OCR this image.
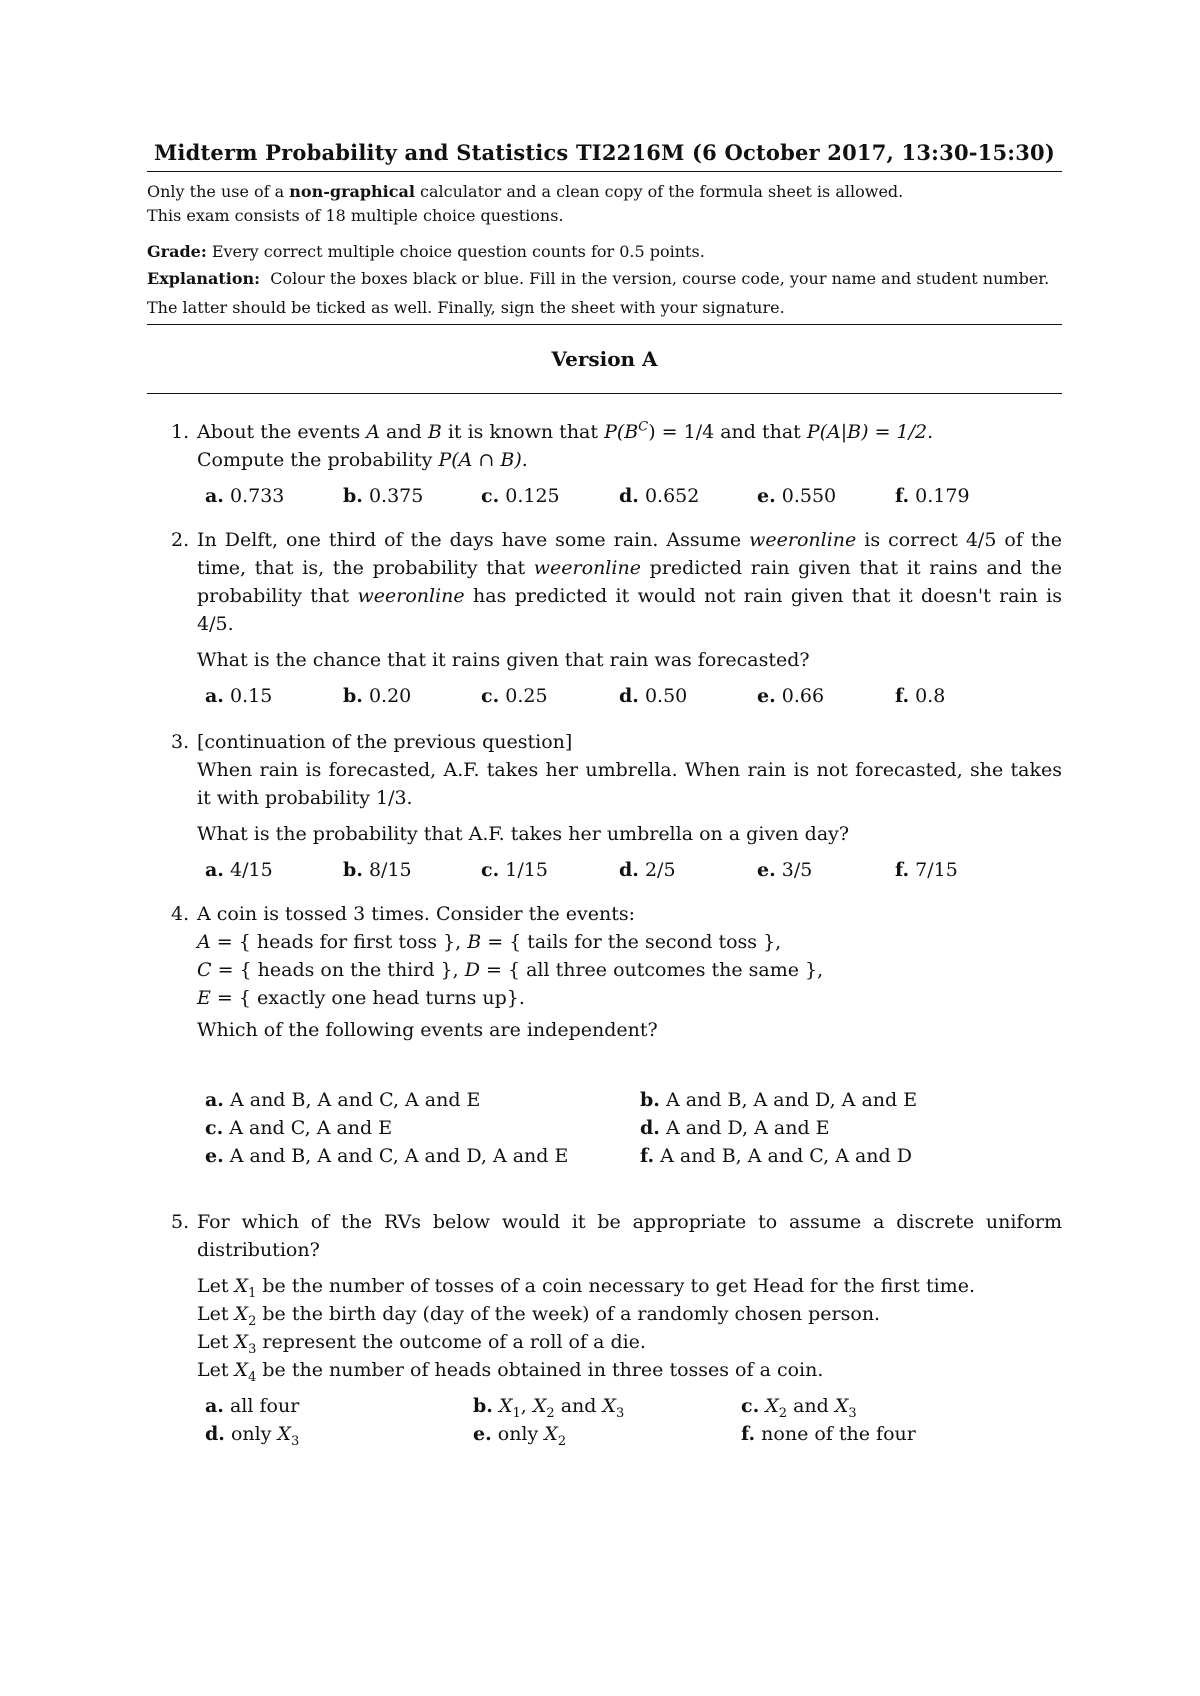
Midterm Probability and Statistics TI2216M (6 October 2017, 13:30-15:30)

Only the use of a non-graphical calculator and a clean copy of the formula sheet is allowed.

This exam consists of 18 multiple choice questions.

Grade: Every correct multiple choice question counts for 0.5 points.

Explanation: Colour the boxes black or blue. Fill in the version, course code, your name and student number. The latter should be ticked as well. Finally, sign the sheet with your signature.

Version A
1. About the events A and B it is known that $P(B^C) = 1/4$ and that P(A|B) = 1/2.

Compute the probability P(A ∩ B).

a. 0.733	b. 0.375	c. 0.125	d. 0.652	e. 0.550	f. 0.179
2. In Delft, one third of the days have some rain. Assume weeronline is correct 4/5 of the time, that is, the probability that weeronline predicted rain given that it rains and the probability that weeronline has predicted it would not rain given that it doesn't rain is 4/5.

What is the chance that it rains given that rain was forecasted?

a. 0.15	b. 0.20	c. 0.25	d. 0.50	e. 0.66	f. 0.8
3. [continuation of the previous question]

When rain is forecasted, A.F. takes her umbrella. When rain is not forecasted, she takes it with probability 1/3.

What is the probability that A.F. takes her umbrella on a given day?

a. 4/15	b. 8/15	c. 1/15	d. 2/5	e. 3/5	f. 7/15
4. A coin is tossed 3 times. Consider the events:

A = { heads for first toss }, B = { tails for the second toss },

C = { heads on the third }, D = { all three outcomes the same },

E = { exactly one head turns up}.

Which of the following events are independent?

a. A and B, A and C, A and E	b. A and B, A and D, A and E
c. A and C, A and E	d. A and D, A and E
e. A and B, A and C, A and D, A and E	f. A and B, A and C, A and D
5. For which of the RVs below would it be appropriate to assume a discrete uniform distribution?

Let $X_1$ be the number of tosses of a coin necessary to get Head for the first time.

Let $X_2$ be the birth day (day of the week) of a randomly chosen person.

Let $X_3$ represent the outcome of a roll of a die.

Let $X_4$ be the number of heads obtained in three tosses of a coin.

a. all four	b. $X_1$, $X_2$ and $X_3$	c. $X_2$ and $X_3$
d. only $X_3$	e. only $X_2$	f. none of the four
